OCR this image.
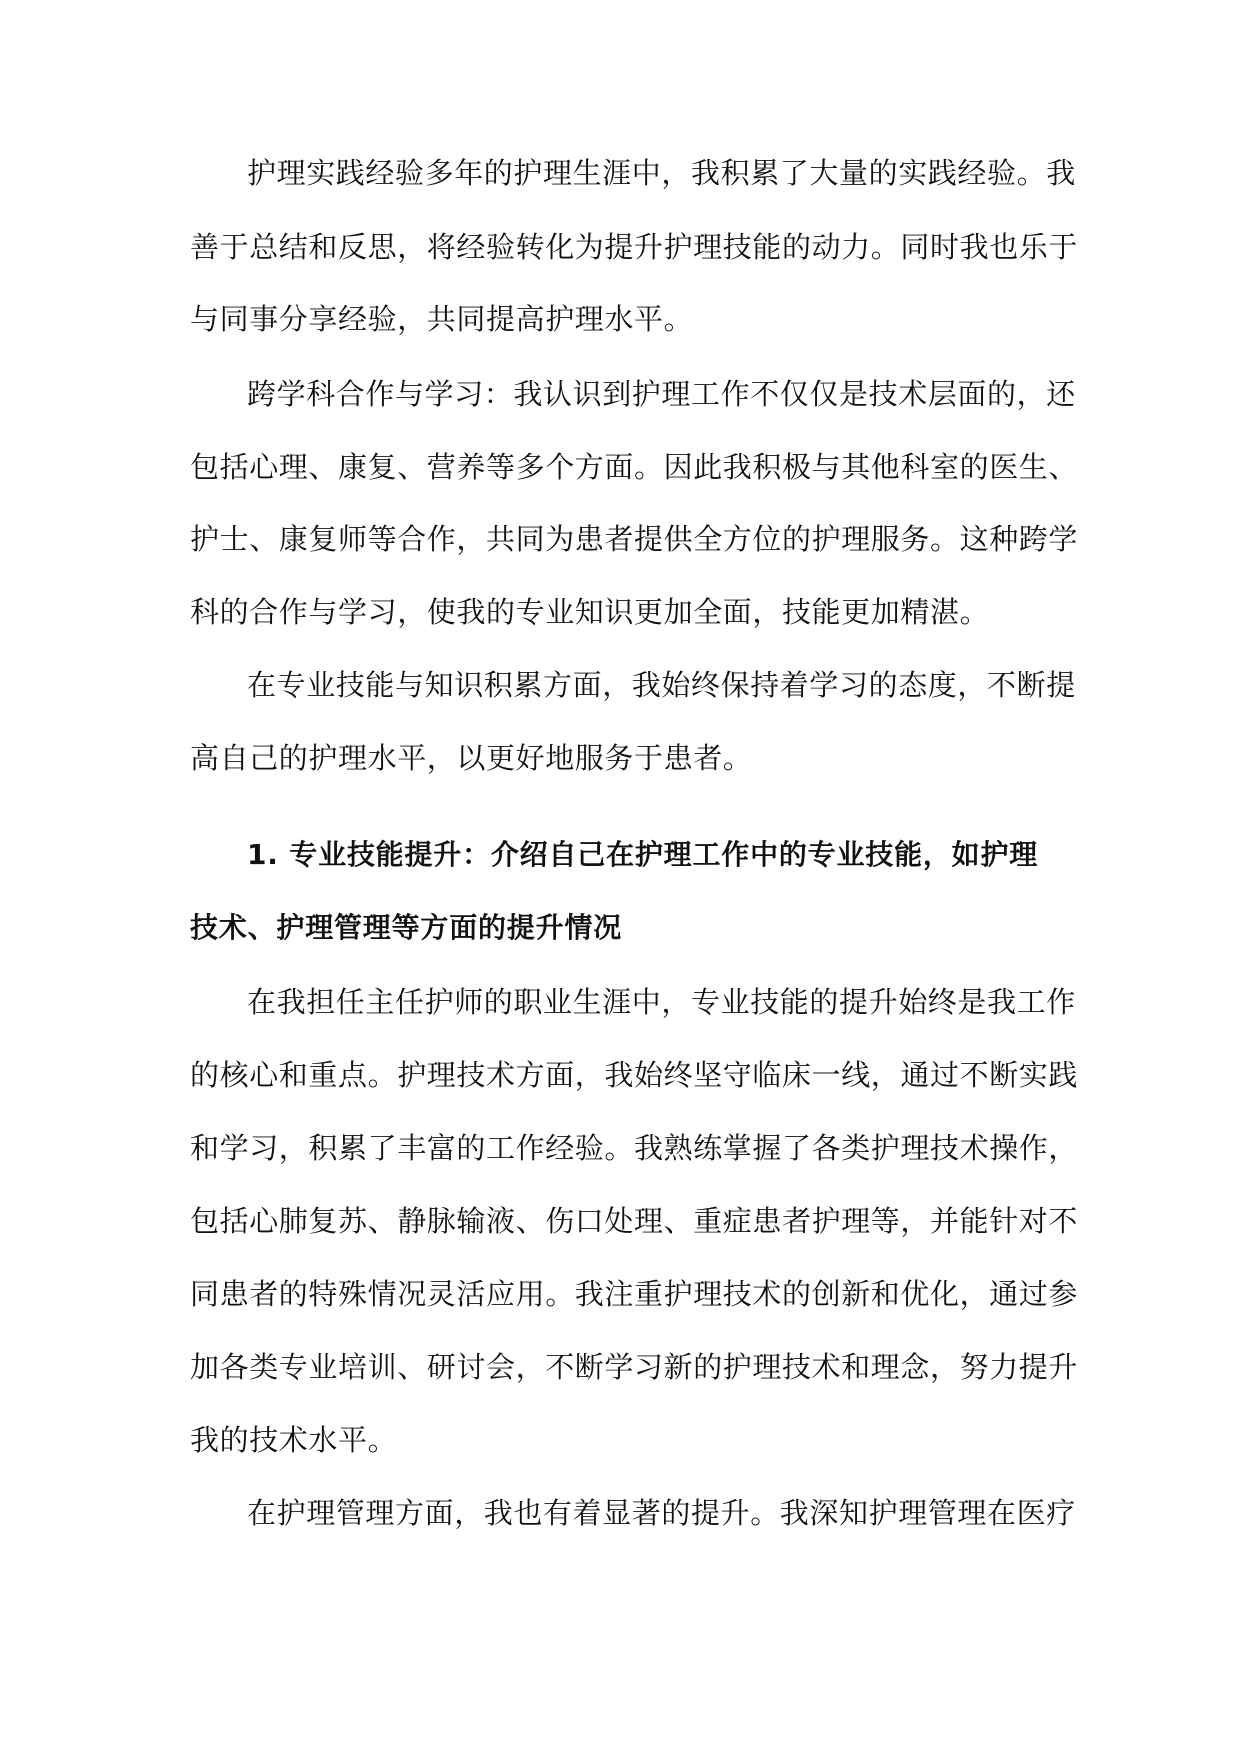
护理实践经验多年的护理生涯中，我积累了大量的实践经验。我
善于总结和反思，将经验转化为提升护理技能的动力。同时我也乐于
与同事分享经验，共同提高护理水平。
跨学科合作与学习：我认识到护理工作不仅仅是技术层面的，还
包括心理、康复、营养等多个方面。因此我积极与其他科室的医生、
护士、康复师等合作，共同为患者提供全方位的护理服务。这种跨学
科的合作与学习，使我的专业知识更加全面，技能更加精湛。
在专业技能与知识积累方面，我始终保持着学习的态度，不断提
高自己的护理水平，以更好地服务于患者。
1. 专业技能提升：介绍自己在护理工作中的专业技能，如护理
技术、护理管理等方面的提升情况
在我担任主任护师的职业生涯中，专业技能的提升始终是我工作
的核心和重点。护理技术方面，我始终坚守临床一线，通过不断实践
和学习，积累了丰富的工作经验。我熟练掌握了各类护理技术操作，
包括心肺复苏、静脉输液、伤口处理、重症患者护理等，并能针对不
同患者的特殊情况灵活应用。我注重护理技术的创新和优化，通过参
加各类专业培训、研讨会，不断学习新的护理技术和理念，努力提升
我的技术水平。
在护理管理方面，我也有着显著的提升。我深知护理管理在医疗
